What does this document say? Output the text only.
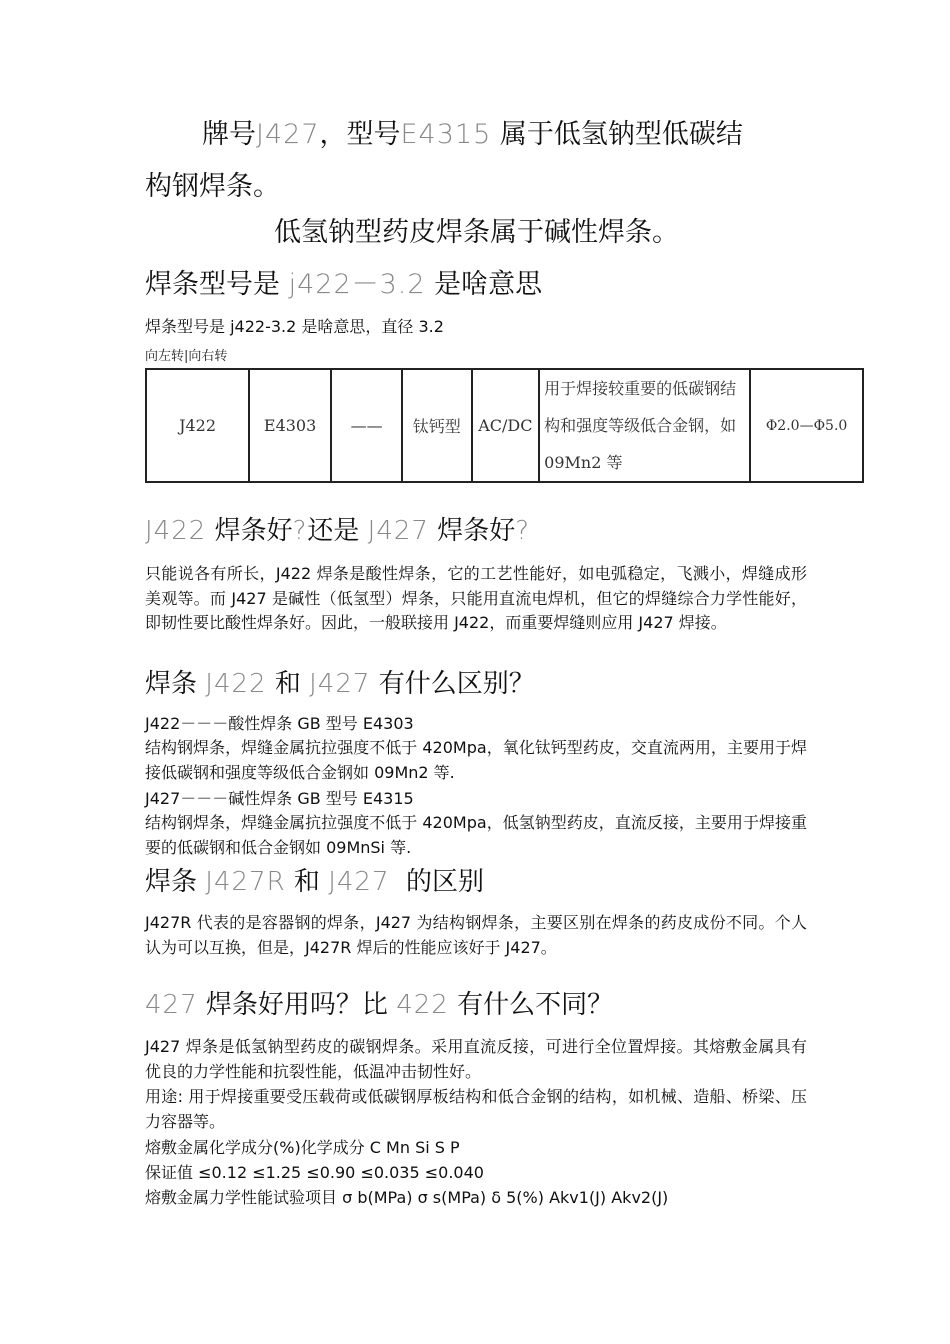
牌号J427，型号E4315 属于低氢钠型低碳结
构钢焊条。
低氢钠型药皮焊条属于碱性焊条。
焊条型号是 j422－3.2 是啥意思
焊条型号是 j422-3.2 是啥意思，直径 3.2
向左转|向右转
J422	E4303	——	钛钙型	AC/DC	用于焊接较重要的低碳钢结构和强度等级低合金钢，如 09Mn2 等	Φ2.0—Φ5.0
J422 焊条好?还是 J427 焊条好?
只能说各有所长，J422 焊条是酸性焊条，它的工艺性能好，如电弧稳定，飞溅小，焊缝成形美观等。而 J427 是碱性（低氢型）焊条，只能用直流电焊机，但它的焊缝综合力学性能好，即韧性要比酸性焊条好。因此，一般联接用 J422，而重要焊缝则应用 J427 焊接。
焊条 J422 和 J427 有什么区别？
J422－－－酸性焊条 GB 型号 E4303
结构钢焊条，焊缝金属抗拉强度不低于 420Mpa，氧化钛钙型药皮，交直流两用，主要用于焊接低碳钢和强度等级低合金钢如 09Mn2 等.
J427－－－碱性焊条 GB 型号 E4315
结构钢焊条，焊缝金属抗拉强度不低于 420Mpa，低氢钠型药皮，直流反接，主要用于焊接重要的低碳钢和低合金钢如 09MnSi 等.
焊条 J427R 和 J427 的区别
J427R 代表的是容器钢的焊条，J427 为结构钢焊条，主要区别在焊条的药皮成份不同。个人认为可以互换，但是，J427R 焊后的性能应该好于 J427。
427 焊条好用吗？比 422 有什么不同？
J427 焊条是低氢钠型药皮的碳钢焊条。采用直流反接，可进行全位置焊接。其熔敷金属具有优良的力学性能和抗裂性能，低温冲击韧性好。
用途: 用于焊接重要受压载荷或低碳钢厚板结构和低合金钢的结构，如机械、造船、桥梁、压力容器等。
熔敷金属化学成分(%)化学成分 C Mn Si S P
保证值 ≤0.12 ≤1.25 ≤0.90 ≤0.035 ≤0.040
熔敷金属力学性能试验项目 σ b(MPa) σ s(MPa) δ 5(%) Akv1(J) Akv2(J)
